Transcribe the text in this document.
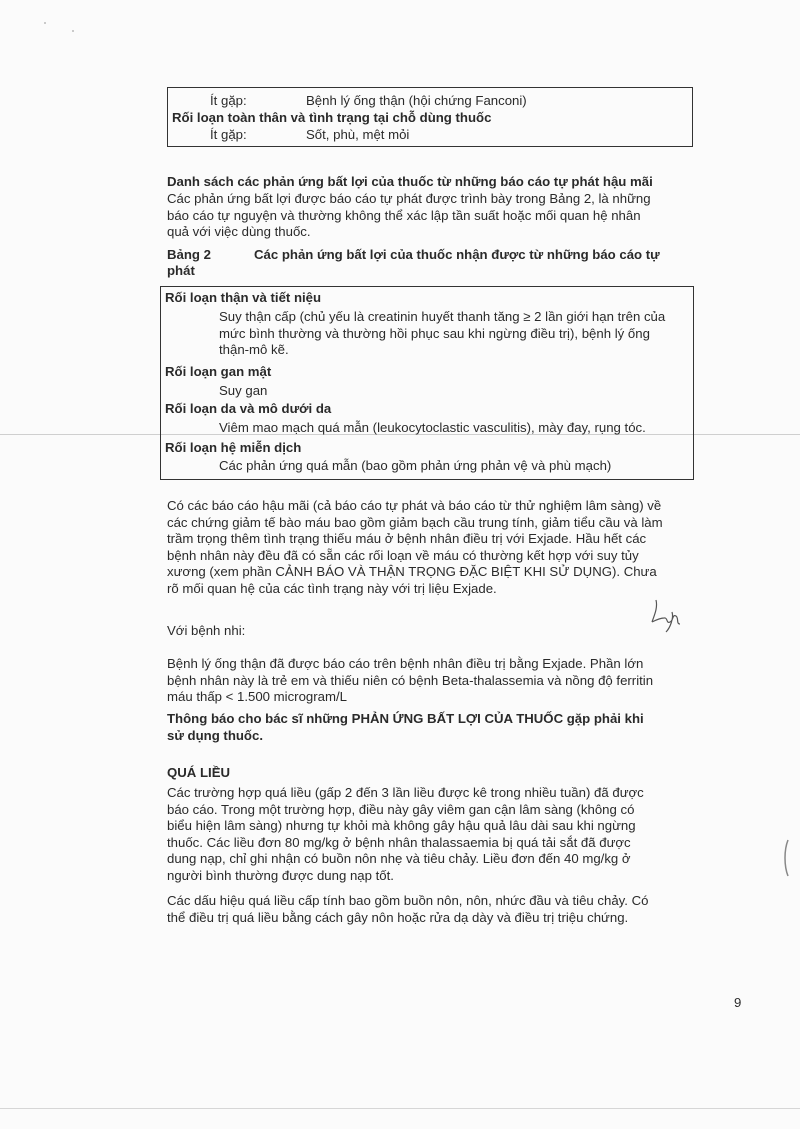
Ít gặp:	Bệnh lý ống thận (hội chứng Fanconi)
Rối loạn toàn thân và tình trạng tại chỗ dùng thuốc
Ít gặp:	Sốt, phù, mệt mỏi

Danh sách các phản ứng bất lợi của thuốc từ những báo cáo tự phát hậu mãi

Các phản ứng bất lợi được báo cáo tự phát được trình bày trong Bảng 2, là những

báo cáo tự nguyện và thường không thể xác lập tần suất hoặc mối quan hệ nhân

quả với việc dùng thuốc.

Bảng 2	Các phản ứng bất lợi của thuốc nhận được từ những báo cáo tự

phát

Rối loạn thận và tiết niệu

Suy thận cấp (chủ yếu là creatinin huyết thanh tăng ≥ 2 lần giới hạn trên của

mức bình thường và thường hồi phục sau khi ngừng điều trị), bệnh lý ống

thận-mô kẽ.

Rối loạn gan mật
Suy gan
Rối loạn da và mô dưới da
Viêm mao mạch quá mẫn (leukocytoclastic vasculitis), mày đay, rụng tóc.
Rối loạn hệ miễn dịch
Các phản ứng quá mẫn (bao gồm phản ứng phản vệ và phù mạch)

Có các báo cáo hậu mãi (cả báo cáo tự phát và báo cáo từ thử nghiệm lâm sàng) về

các chứng giảm tế bào máu bao gồm giảm bạch cầu trung tính, giảm tiểu cầu và làm

trầm trọng thêm tình trạng thiếu máu ở bệnh nhân điều trị với Exjade. Hầu hết các

bệnh nhân này đều đã có sẵn các rối loạn về máu có thường kết hợp với suy tủy

xương (xem phần CẢNH BÁO VÀ THẬN TRỌNG ĐẶC BIỆT KHI SỬ DỤNG). Chưa

rõ mối quan hệ của các tình trạng này với trị liệu Exjade.

Với bệnh nhi:

Bệnh lý ống thận đã được báo cáo trên bệnh nhân điều trị bằng Exjade. Phần lớn

bệnh nhân này là trẻ em và thiếu niên có bệnh Beta-thalassemia và nồng độ ferritin

máu thấp < 1.500 microgram/L

Thông báo cho bác sĩ những PHẢN ỨNG BẤT LỢI CỦA THUỐC gặp phải khi

sử dụng thuốc.

QUÁ LIỀU

Các trường hợp quá liều (gấp 2 đến 3 lần liều được kê trong nhiều tuần) đã được

báo cáo. Trong một trường hợp, điều này gây viêm gan cận lâm sàng (không có

biểu hiện lâm sàng) nhưng tự khỏi mà không gây hậu quả lâu dài sau khi ngừng

thuốc. Các liều đơn 80 mg/kg ở bệnh nhân thalassaemia bị quá tải sắt đã được

dung nạp, chỉ ghi nhận có buồn nôn nhẹ và tiêu chảy. Liều đơn đến 40 mg/kg ở

người bình thường được dung nạp tốt.

Các dấu hiệu quá liều cấp tính bao gồm buồn nôn, nôn, nhức đầu và tiêu chảy. Có

thể điều trị quá liều bằng cách gây nôn hoặc rửa dạ dày và điều trị triệu chứng.

9
